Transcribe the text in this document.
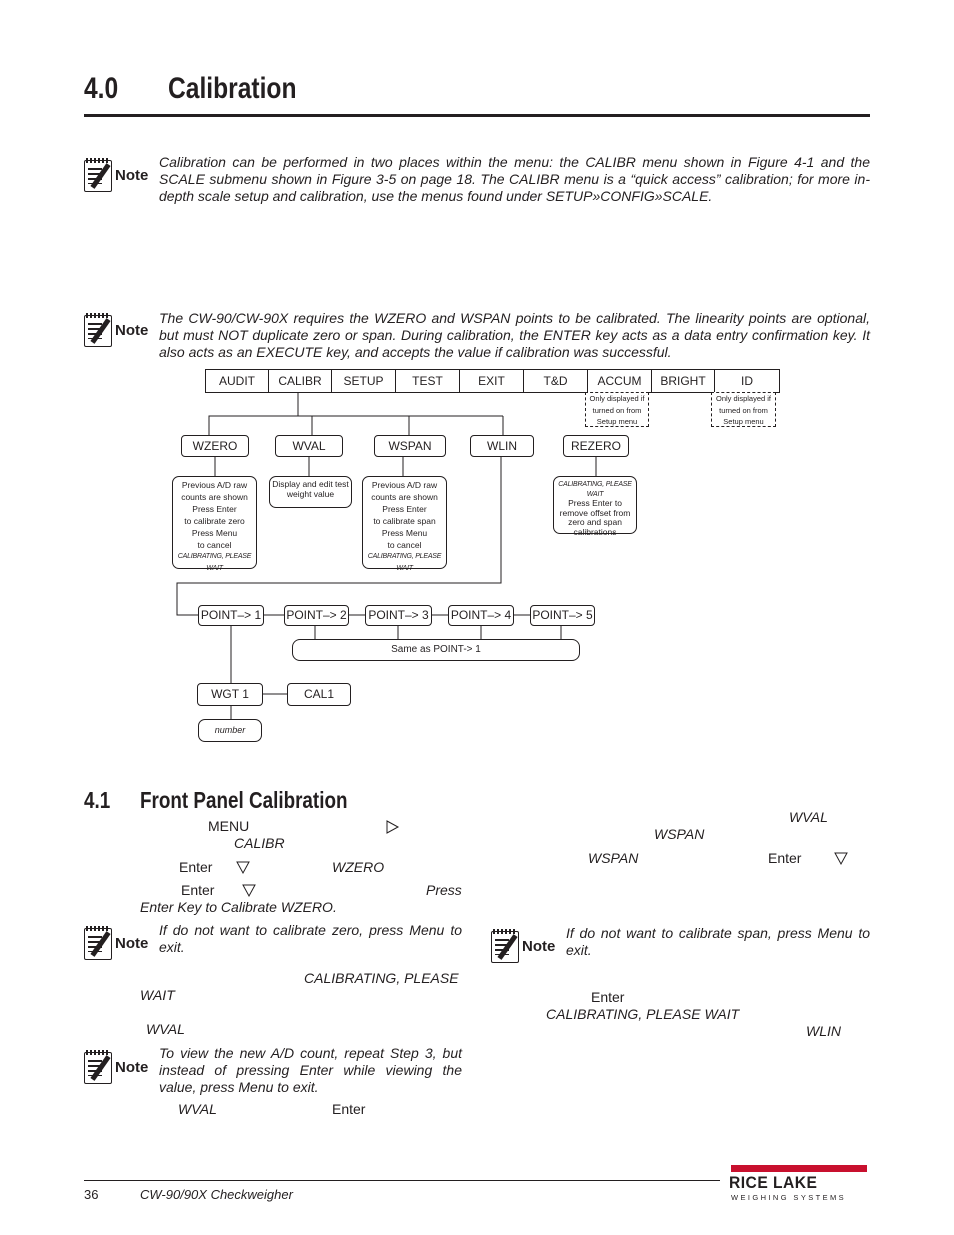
4.0 Calibration
Note
Calibration can be performed in two places within the menu: the CALIBR menu shown in Figure 4-1 and the SCALE submenu shown in Figure 3-5 on page 18. The CALIBR menu is a “quick access” calibration; for more in-depth scale setup and calibration, use the menus found under SETUP»CONFIG»SCALE.
Note
The CW-90/CW-90X requires the WZERO and WSPAN points to be calibrated. The linearity points are optional, but must NOT duplicate zero or span. During calibration, the ENTER key acts as a data entry confirmation key. It also acts as an EXECUTE key, and accepts the value if calibration was successful.
AUDIT	CALIBR	SETUP	TEST	EXIT	T&D	ACCUM	BRIGHT	ID
Only displayed if turned on from Setup menu
Only displayed if turned on from Setup menu
WZERO	WVAL	WSPAN	WLIN	REZERO
Previous A/D raw
counts are shown
Press Enter
to calibrate zero
Press Menu
to cancel
CALIBRATING, PLEASE WAIT
Display and edit test weight value
Previous A/D raw
counts are shown
Press Enter
to calibrate span
Press Menu
to cancel
CALIBRATING, PLEASE WAIT
CALIBRATING, PLEASE WAIT
Press Enter to remove offset from zero and span calibrations
POINT–> 1 POINT–> 2 POINT–> 3 POINT–> 4 POINT–> 5
Same as POINT-> 1
WGT 1	CAL1
number
4.1 Front Panel Calibration
MENU
CALIBR
Enter	WZERO
Enter	Press
Enter Key to Calibrate WZERO.
Note
If do not want to calibrate zero, press Menu to exit.
CALIBRATING, PLEASE
WAIT
WVAL
Note
To view the new A/D count, repeat Step 3, but instead of pressing Enter while viewing the value, press Menu to exit.
WVAL	Enter
WVAL
WSPAN
WSPAN	Enter
Note
If do not want to calibrate span, press Menu to exit.
Enter
CALIBRATING, PLEASE WAIT
WLIN
36	CW-90/90X Checkweigher
RICE LAKE
WEIGHING SYSTEMS
